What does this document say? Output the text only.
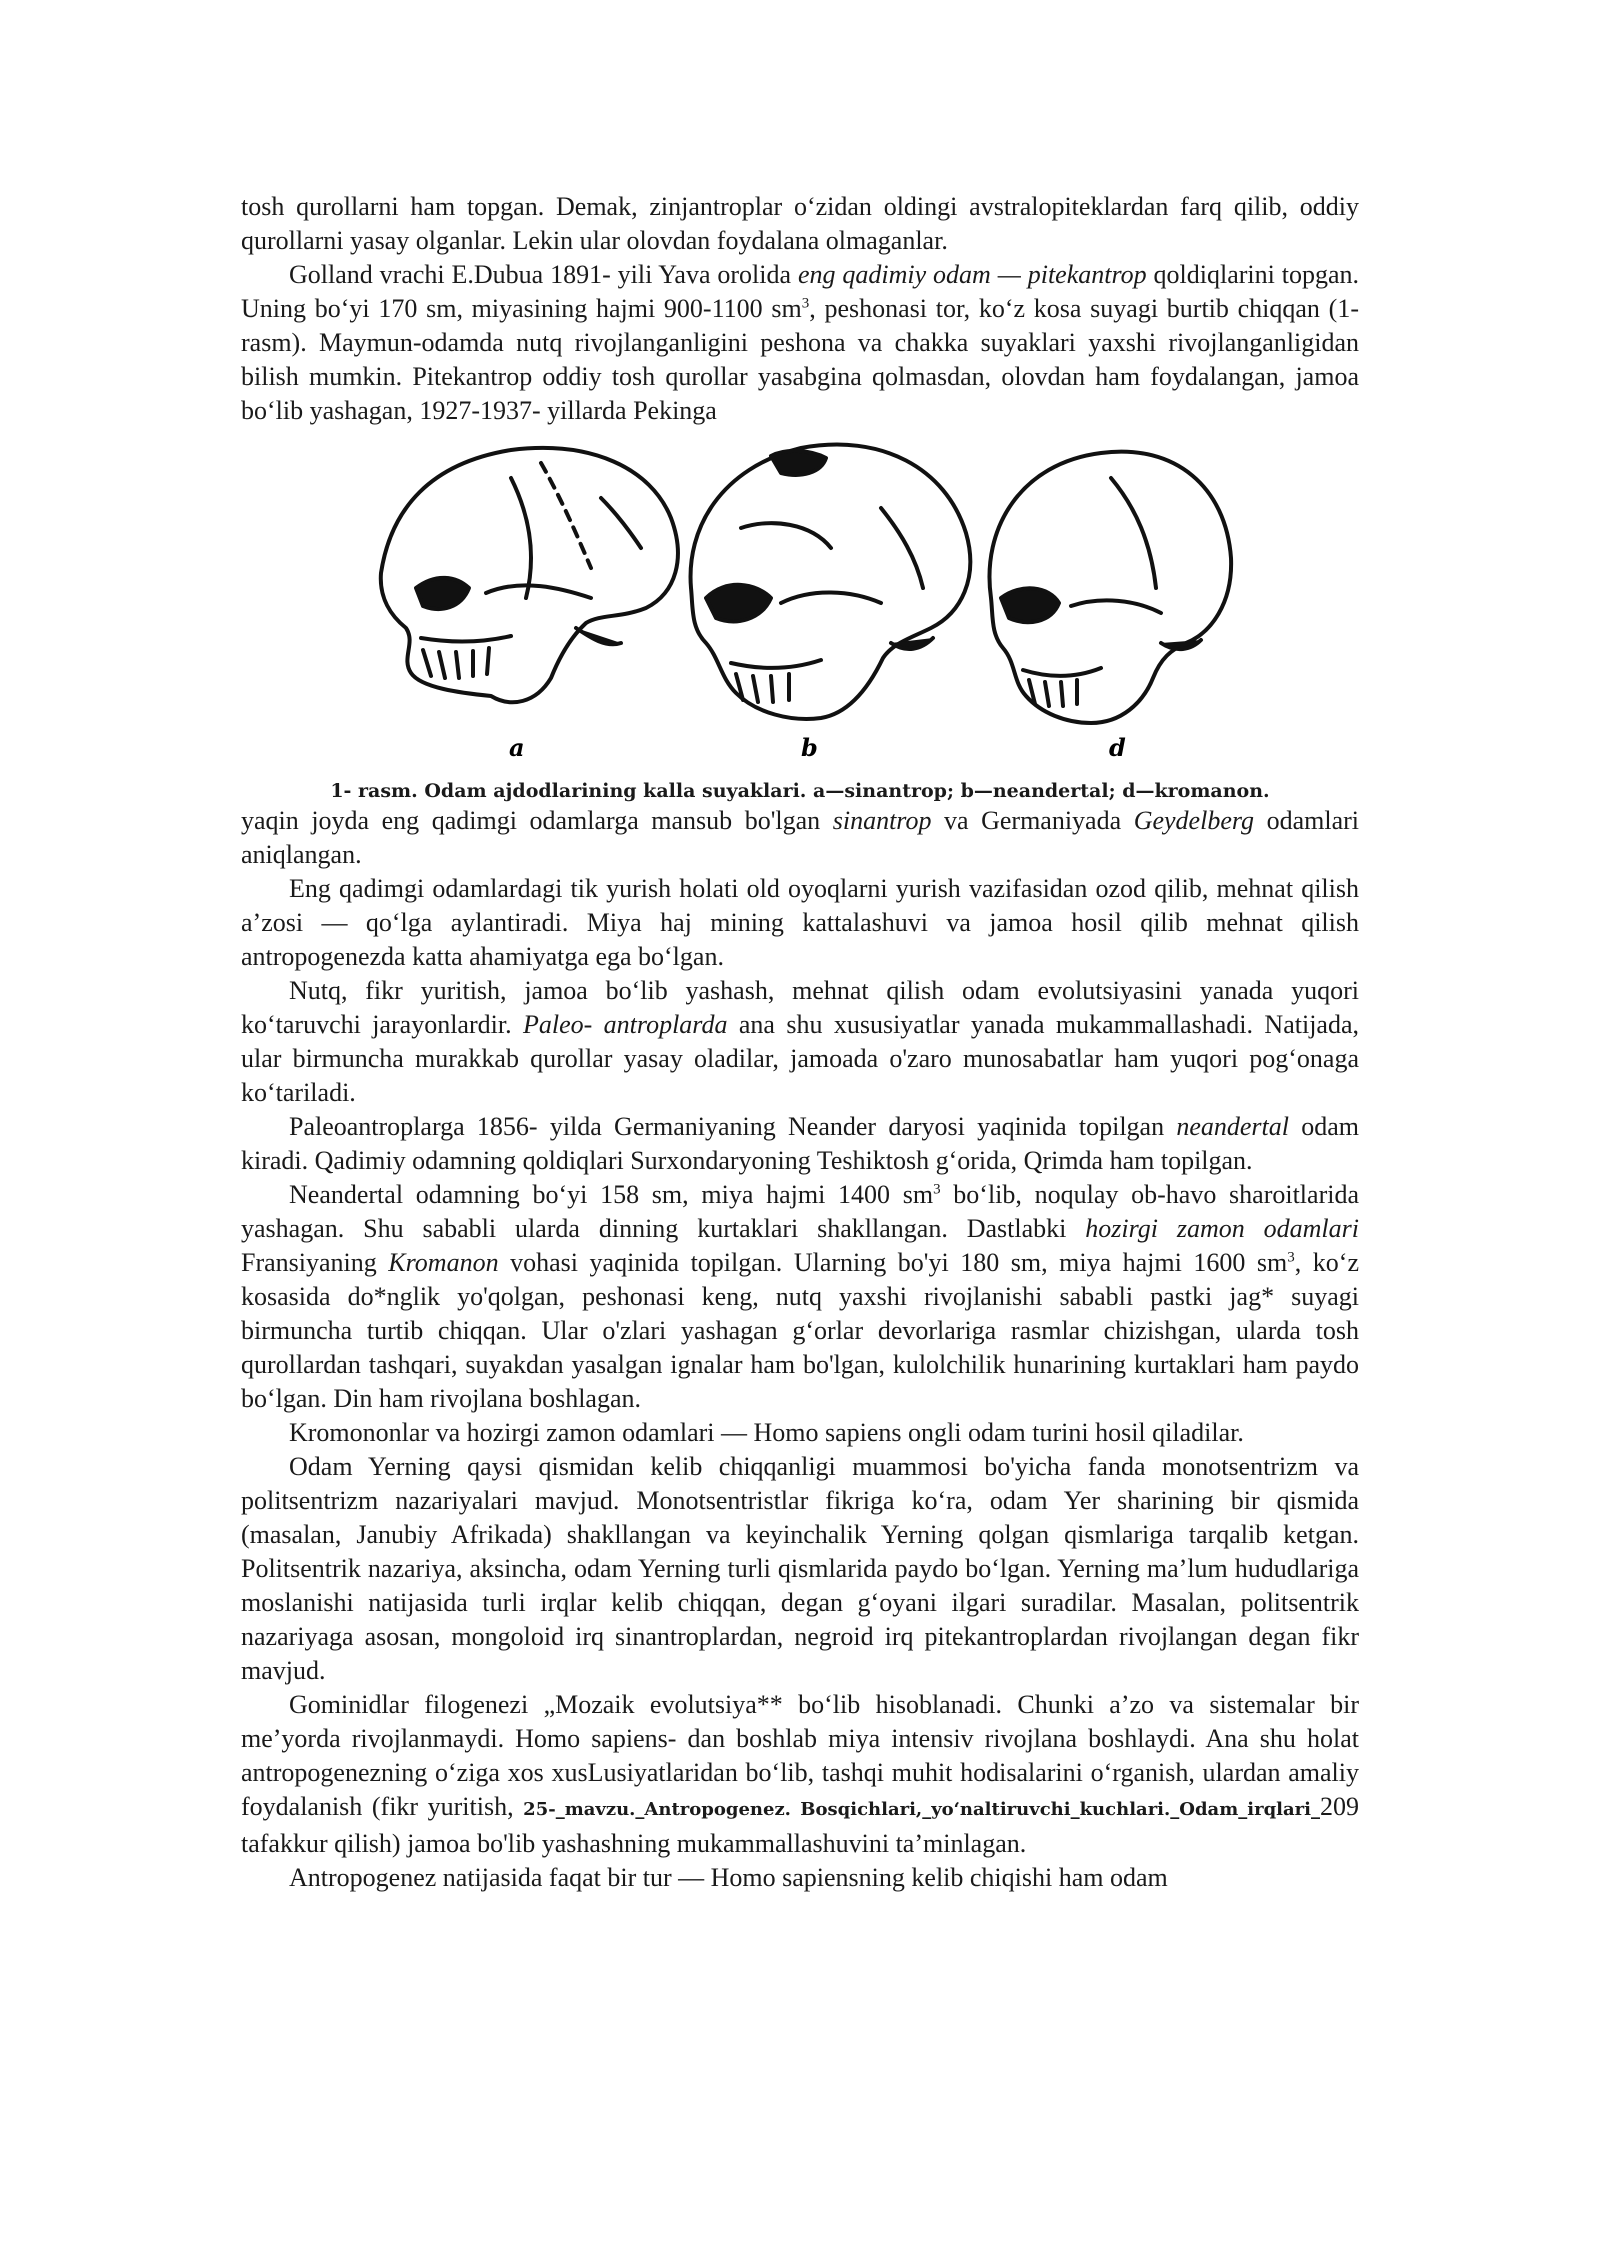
tosh qurollarni ham topgan. Demak, zinjantroplar o‘zidan oldingi avstralopiteklardan farq qilib, oddiy qurollarni yasay olganlar. Lekin ular olovdan foydalana olmaganlar.

Golland vrachi E.Dubua 1891- yili Yava orolida eng qadimiy odam — pitekantrop qoldiqlarini topgan. Uning bo‘yi 170 sm, miyasining hajmi 900-1100 $sm^3$, peshonasi tor, ko‘z kosa suyagi burtib chiqqan (1- rasm). Maymun-odamda nutq rivojlanganligini peshona va chakka suyaklari yaxshi rivojlanganligidan bilish mumkin. Pitekantrop oddiy tosh qurollar yasabgina qolmasdan, olovdan ham foydalangan, jamoa bo‘lib yashagan, 1927-1937- yillarda Pekinga

a	b	d

1- rasm. Odam ajdodlarining kalla suyaklari. a—sinantrop; b—neandertal; d—kromanon.

yaqin joyda eng qadimgi odamlarga mansub bo'lgan sinantrop va Germaniyada Geydelberg odamlari aniqlangan.

Eng qadimgi odamlardagi tik yurish holati old oyoqlarni yurish vazifasidan ozod qilib, mehnat qilish a’zosi — qo‘lga aylantiradi. Miya haj mining kattalashuvi va jamoa hosil qilib mehnat qilish antropogenezda katta ahamiyatga ega bo‘lgan.

Nutq, fikr yuritish, jamoa bo‘lib yashash, mehnat qilish odam evolutsiyasini yanada yuqori ko‘taruvchi jarayonlardir. Paleo- antroplarda ana shu xususiyatlar yanada mukammallashadi. Natijada, ular birmuncha murakkab qurollar yasay oladilar, jamoada o'zaro munosabatlar ham yuqori pog‘onaga ko‘tariladi.

Paleoantroplarga 1856- yilda Germaniyaning Neander daryosi yaqinida topilgan neandertal odam kiradi. Qadimiy odamning qoldiqlari Surxondaryoning Teshiktosh g‘orida, Qrimda ham topilgan.

Neandertal odamning bo‘yi 158 sm, miya hajmi 1400 $sm^3$ bo‘lib, noqulay ob-havo sharoitlarida yashagan. Shu sababli ularda dinning kurtaklari shakllangan. Dastlabki hozirgi zamon odamlari Fransiyaning Kromanon vohasi yaqinida topilgan. Ularning bo'yi 180 sm, miya hajmi 1600 $sm^3$, ko‘z kosasida do*nglik yo'qolgan, peshonasi keng, nutq yaxshi rivojlanishi sababli pastki jag* suyagi birmuncha turtib chiqqan. Ular o'zlari yashagan g‘orlar devorlariga rasmlar chizishgan, ularda tosh qurollardan tashqari, suyakdan yasalgan ignalar ham bo'lgan, kulolchilik hunarining kurtaklari ham paydo bo‘lgan. Din ham rivojlana boshlagan.

Kromononlar va hozirgi zamon odamlari — Homo sapiens ongli odam turini hosil qiladilar.

Odam Yerning qaysi qismidan kelib chiqqanligi muammosi bo'yicha fanda monotsentrizm va politsentrizm nazariyalari mavjud. Monotsentristlar fikriga ko‘ra, odam Yer sharining bir qismida (masalan, Janubiy Afrikada) shakllangan va keyinchalik Yerning qolgan qismlariga tarqalib ketgan. Politsentrik nazariya, aksincha, odam Yerning turli qismlarida paydo bo‘lgan. Yerning ma’lum hududlariga moslanishi natijasida turli irqlar kelib chiqqan, degan g‘oyani ilgari suradilar. Masalan, politsentrik nazariyaga asosan, mongoloid irq sinantroplardan, negroid irq pitekantroplardan rivojlangan degan fikr mavjud.

Gominidlar filogenezi „Mozaik evolutsiya** bo‘lib hisoblanadi. Chunki a’zo va sistemalar bir me’yorda rivojlanmaydi. Homo sapiens- dan boshlab miya intensiv rivojlana boshlaydi. Ana shu holat antropogenezning o‘ziga xos xusLusiyatlaridan bo‘lib, tashqi muhit hodisalarini o‘rganish, ulardan amaliy foydalanish (fikr yuritish, 25-_mavzu._Antropogenez. Bosqichlari,_yo‘naltiruvchi_kuchlari._Odam_irqlari_209 tafakkur qilish) jamoa bo'lib yashashning mukammallashuvini ta’minlagan.

Antropogenez natijasida faqat bir tur — Homo sapiensning kelib chiqishi ham odam
